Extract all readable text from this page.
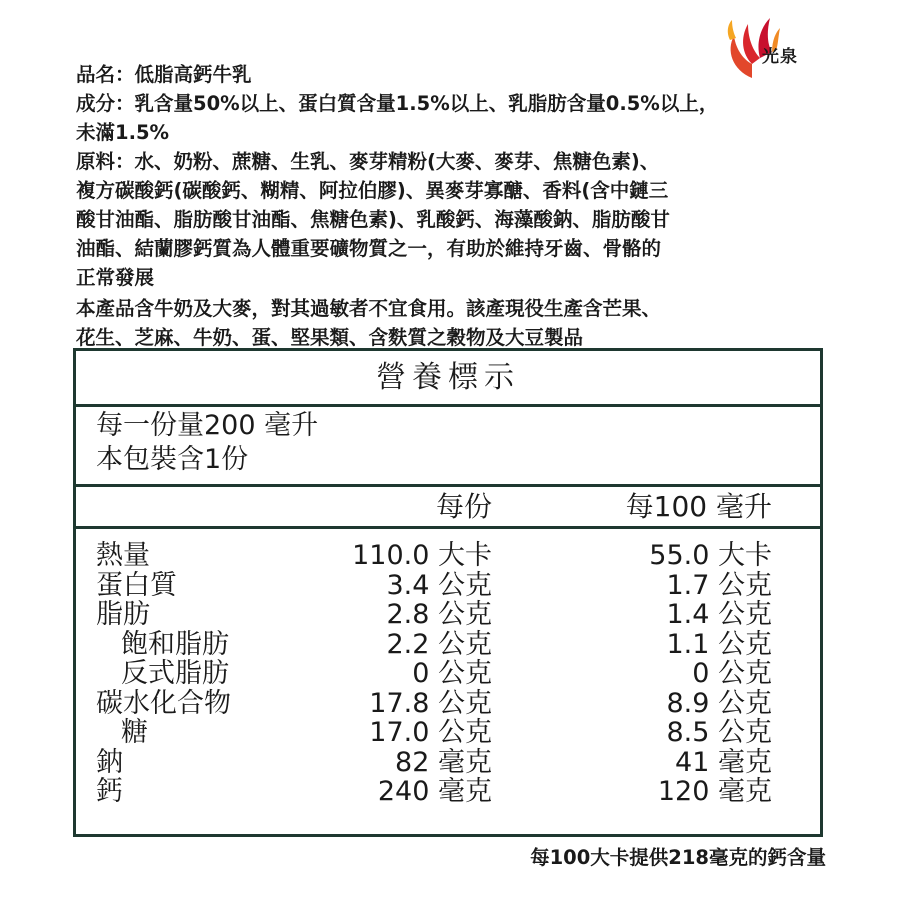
光泉

品名：低脂高鈣牛乳

成分：乳含量50%以上、蛋白質含量1.5%以上、乳脂肪含量0.5%以上，
未滿1.5%

原料：水、奶粉、蔗糖、生乳、麥芽精粉(大麥、麥芽、焦糖色素)、
複方碳酸鈣(碳酸鈣、糊精、阿拉伯膠)、異麥芽寡醣、香料(含中鏈三
酸甘油酯、脂肪酸甘油酯、焦糖色素)、乳酸鈣、海藻酸鈉、脂肪酸甘
油酯、結蘭膠鈣質為人體重要礦物質之一，有助於維持牙齒、骨骼的
正常發展

本產品含牛奶及大麥，對其過敏者不宜食用。該產現役生產含芒果、
花生、芝麻、牛奶、蛋、堅果類、含麩質之穀物及大豆製品

營養標示
每一份量200 毫升
本包裝含1份
每份	每100 毫升
熱量	110.0 大卡	55.0 大卡
蛋白質	3.4 公克	1.7 公克
脂肪	2.8 公克	1.4 公克
飽和脂肪	2.2 公克	1.1 公克
反式脂肪	0 公克	0 公克
碳水化合物	17.8 公克	8.9 公克
糖	17.0 公克	8.5 公克
鈉	82 毫克	41 毫克
鈣	240 毫克	120 毫克
每100大卡提供218毫克的鈣含量
